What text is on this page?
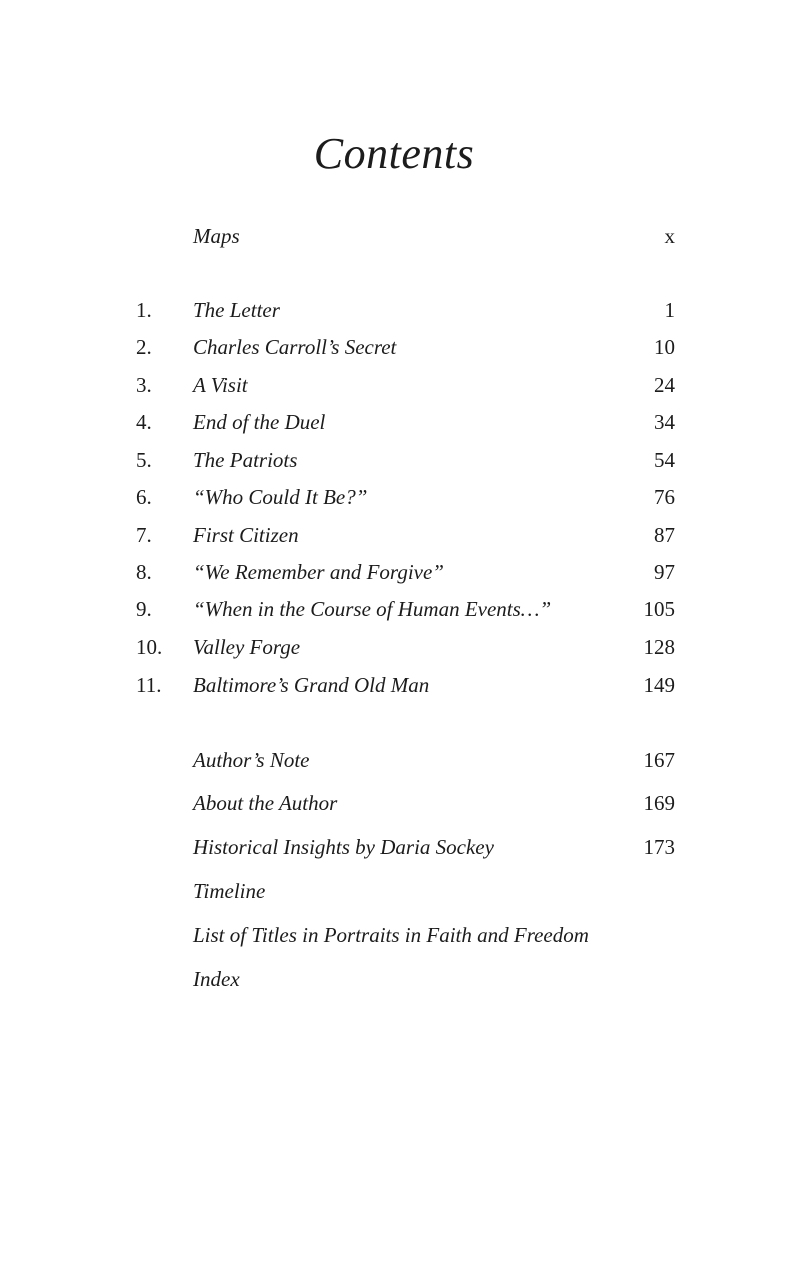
Contents
Maps	x
1. The Letter	1
2. Charles Carroll’s Secret	10
3. A Visit	24
4. End of the Duel	34
5. The Patriots	54
6. “Who Could It Be?”	76
7. First Citizen	87
8. “We Remember and Forgive”	97
9. “When in the Course of Human Events…”	105
10. Valley Forge	128
11. Baltimore’s Grand Old Man	149
Author’s Note	167
About the Author	169
Historical Insights by Daria Sockey	173
Timeline
List of Titles in Portraits in Faith and Freedom
Index
